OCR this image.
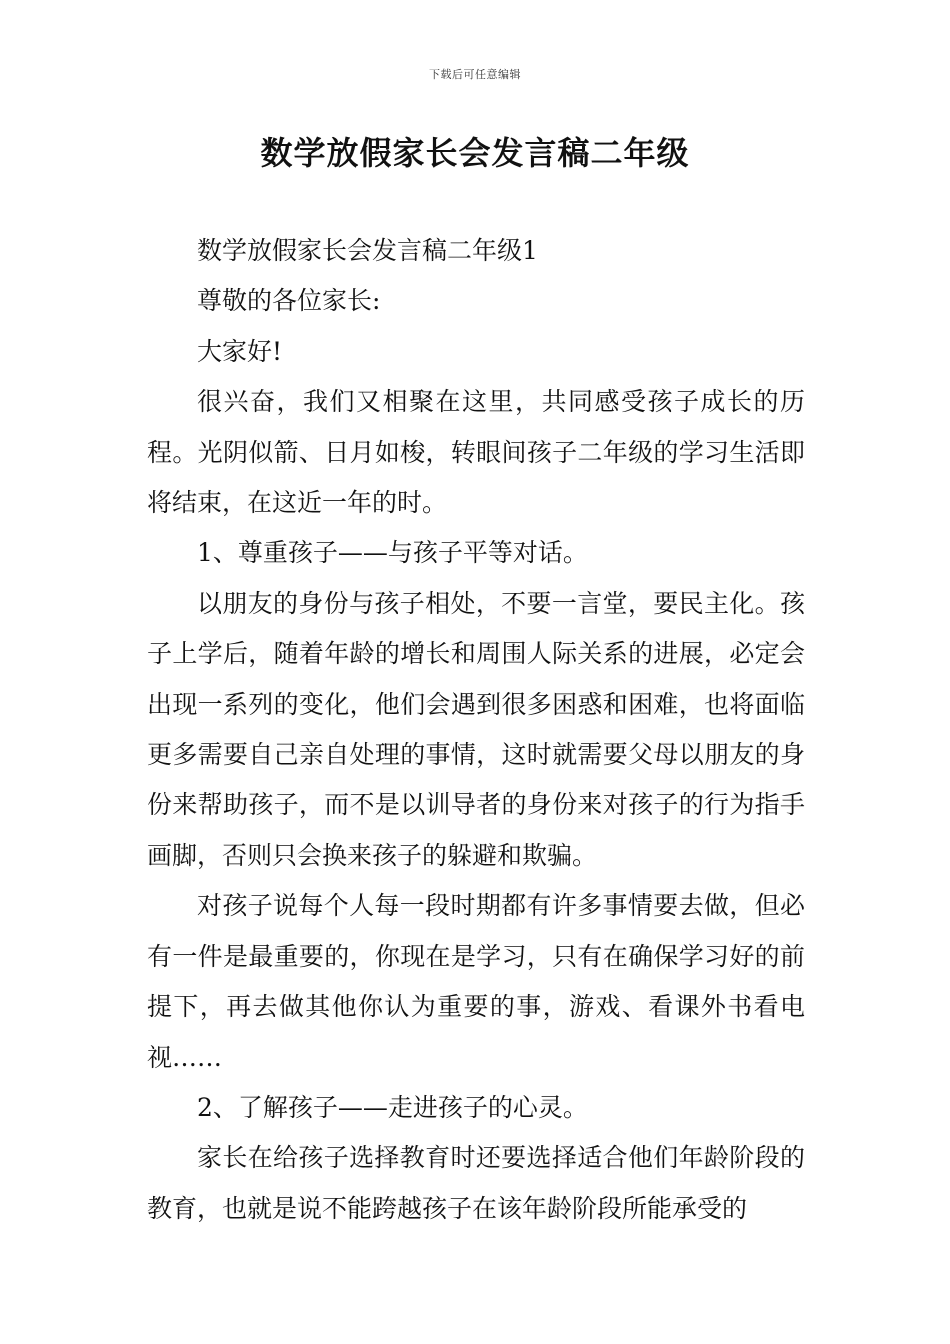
下载后可任意编辑
数学放假家长会发言稿二年级

数学放假家长会发言稿二年级1

尊敬的各位家长:

大家好!

很兴奋，我们又相聚在这里，共同感受孩子成长的历程。光阴似箭、日月如梭，转眼间孩子二年级的学习生活即将结束，在这近一年的时。

1、尊重孩子——与孩子平等对话。

以朋友的身份与孩子相处，不要一言堂，要民主化。孩子上学后，随着年龄的增长和周围人际关系的进展，必定会出现一系列的变化，他们会遇到很多困惑和困难，也将面临更多需要自己亲自处理的事情，这时就需要父母以朋友的身份来帮助孩子，而不是以训导者的身份来对孩子的行为指手画脚，否则只会换来孩子的躲避和欺骗。

对孩子说每个人每一段时期都有许多事情要去做，但必有一件是最重要的，你现在是学习，只有在确保学习好的前提下，再去做其他你认为重要的事，游戏、看课外书看电视……

2、了解孩子——走进孩子的心灵。

家长在给孩子选择教育时还要选择适合他们年龄阶段的教育，也就是说不能跨越孩子在该年龄阶段所能承受的
